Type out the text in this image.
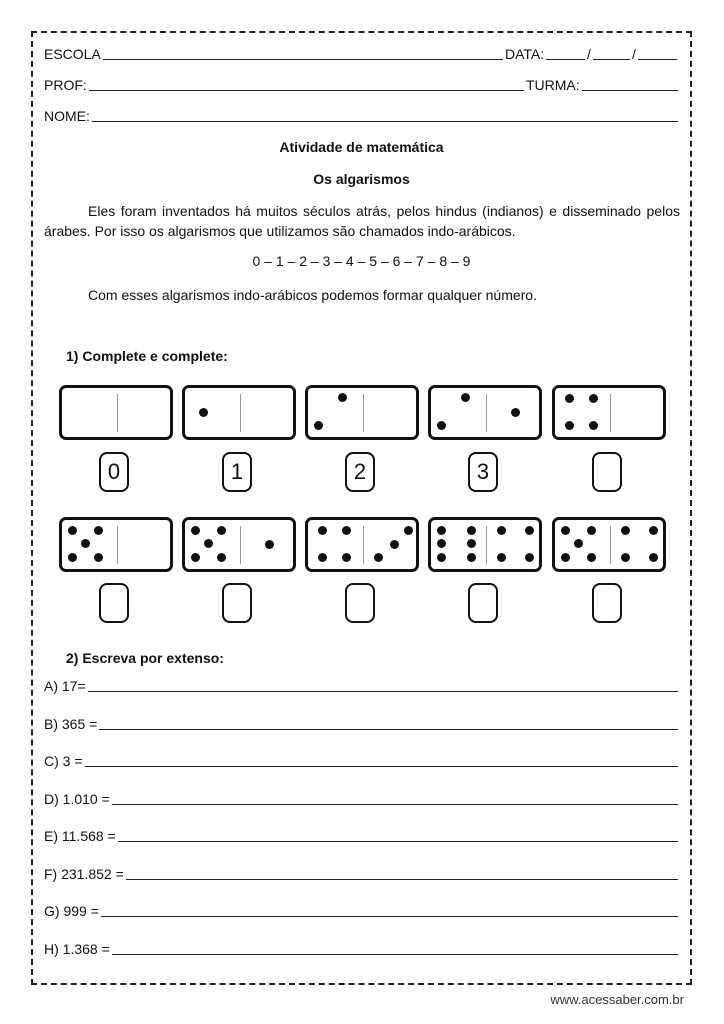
ESCOLA	DATA:	/	/
PROF:	TURMA:
NOME:
Atividade de matemática
Os algarismos
Eles foram inventados há muitos séculos atrás, pelos hindus (indianos) e disseminado pelos árabes. Por isso os algarismos que utilizamos são chamados indo-arábicos.
0 – 1 – 2 – 3 – 4 – 5 – 6 – 7 – 8 – 9
Com esses algarismos indo-arábicos podemos formar qualquer número.
1) Complete e complete:
0	1	2	3
2) Escreva por extenso:
A) 17=
B) 365 =
C) 3 =
D) 1.010 =
E) 11.568 =
F) 231.852 =
G) 999 =
H) 1.368 =
www.acessaber.com.br
